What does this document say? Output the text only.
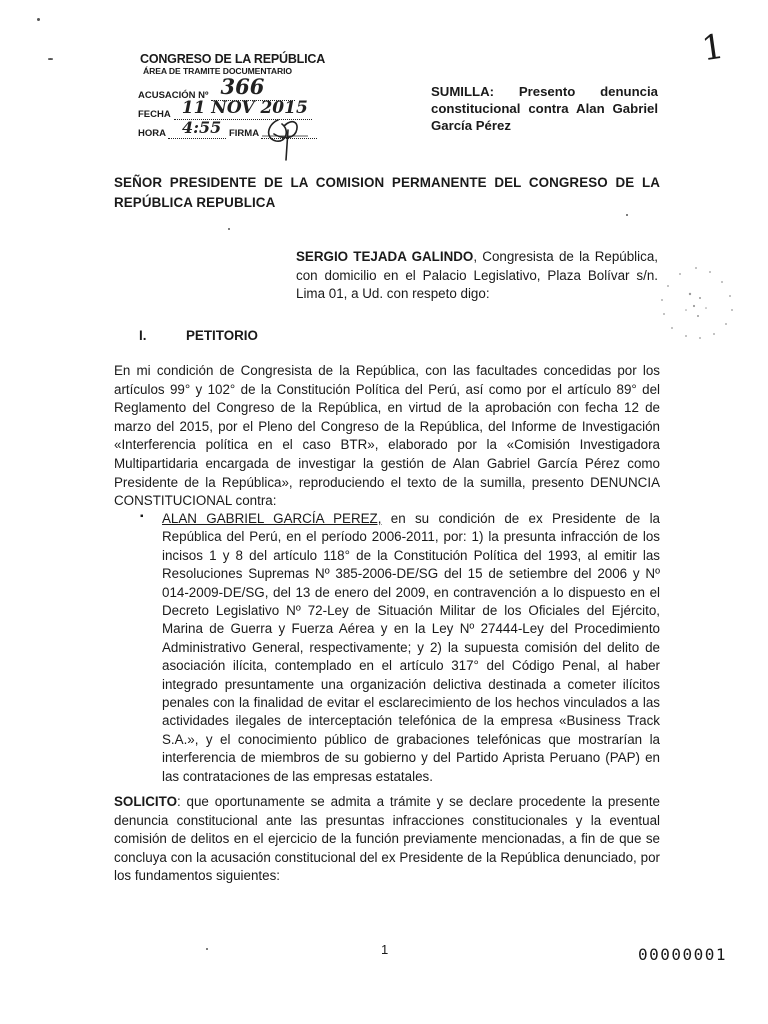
1
CONGRESO DE LA REPÚBLICA
ÁREA DE TRAMITE DOCUMENTARIO
ACUSACIÓN Nº 366
FECHA 11 NOV 2015
HORA 4:55 FIRMA
SUMILLA: Presento denuncia constitucional contra Alan Gabriel García Pérez
SEÑOR PRESIDENTE DE LA COMISION PERMANENTE DEL CONGRESO DE LA REPÚBLICA REPUBLICA
SERGIO TEJADA GALINDO, Congresista de la República, con domicilio en el Palacio Legislativo, Plaza Bolívar s/n. Lima 01, a Ud. con respeto digo:
I.	PETITORIO
En mi condición de Congresista de la República, con las facultades concedidas por los artículos 99° y 102° de la Constitución Política del Perú, así como por el artículo 89° del Reglamento del Congreso de la República, en virtud de la aprobación con fecha 12 de marzo del 2015, por el Pleno del Congreso de la República, del Informe de Investigación «Interferencia política en el caso BTR», elaborado por la «Comisión Investigadora Multipartidaria encargada de investigar la gestión de Alan Gabriel García Pérez como Presidente de la República», reproduciendo el texto de la sumilla, presento DENUNCIA CONSTITUCIONAL contra:
▪ ALAN GABRIEL GARCÍA PEREZ, en su condición de ex Presidente de la República del Perú, en el período 2006-2011, por: 1) la presunta infracción de los incisos 1 y 8 del artículo 118° de la Constitución Política del 1993, al emitir las Resoluciones Supremas Nº 385-2006-DE/SG del 15 de setiembre del 2006 y Nº 014-2009-DE/SG, del 13 de enero del 2009, en contravención a lo dispuesto en el Decreto Legislativo Nº 72-Ley de Situación Militar de los Oficiales del Ejército, Marina de Guerra y Fuerza Aérea y en la Ley Nº 27444-Ley del Procedimiento Administrativo General, respectivamente; y 2) la supuesta comisión del delito de asociación ilícita, contemplado en el artículo 317° del Código Penal, al haber integrado presuntamente una organización delictiva destinada a cometer ilícitos penales con la finalidad de evitar el esclarecimiento de los hechos vinculados a las actividades ilegales de interceptación telefónica de la empresa «Business Track S.A.», y el conocimiento público de grabaciones telefónicas que mostrarían la interferencia de miembros de su gobierno y del Partido Aprista Peruano (PAP) en las contrataciones de las empresas estatales.
SOLICITO: que oportunamente se admita a trámite y se declare procedente la presente denuncia constitucional ante las presuntas infracciones constitucionales y la eventual comisión de delitos en el ejercicio de la función previamente mencionadas, a fin de que se concluya con la acusación constitucional del ex Presidente de la República denunciado, por los fundamentos siguientes:
1	00000001
